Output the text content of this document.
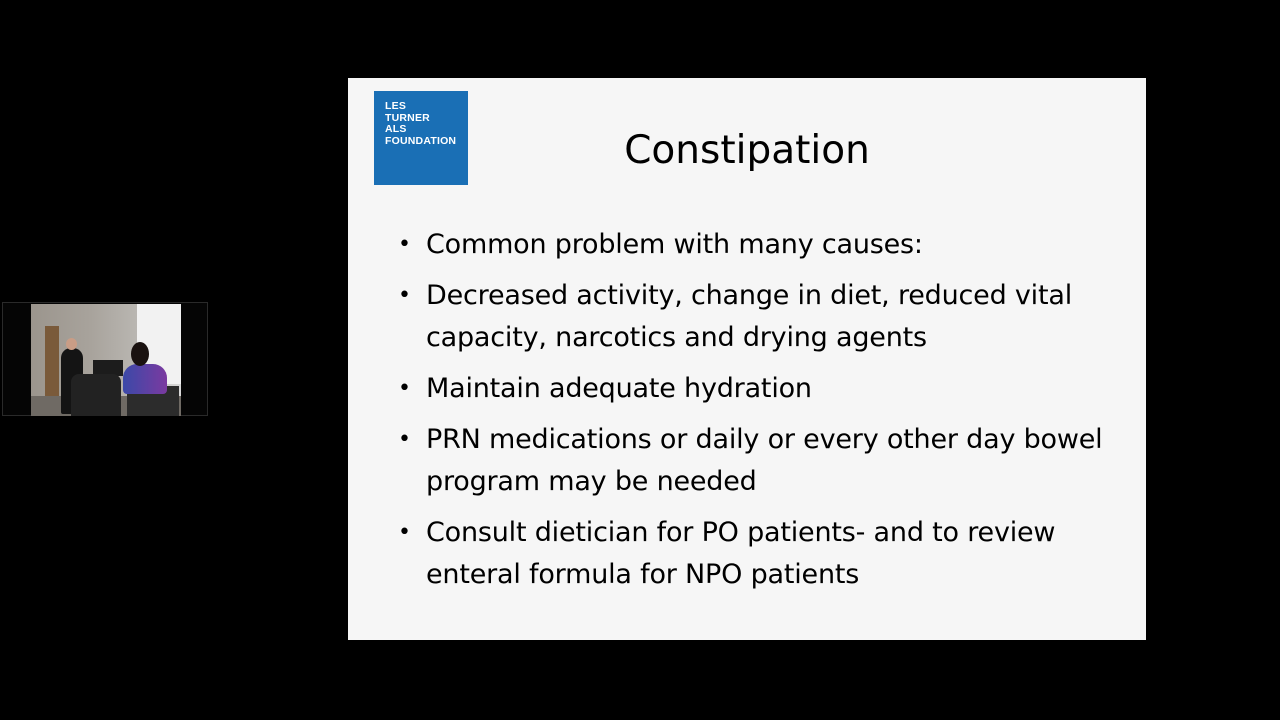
LES
TURNER
ALS
FOUNDATION	Constipation
• Common problem with many causes:
• Decreased activity, change in diet, reduced vital capacity, narcotics and drying agents
• Maintain adequate hydration
• PRN medications or daily or every other day bowel program may be needed
• Consult dietician for PO patients- and to review enteral formula for NPO patients
